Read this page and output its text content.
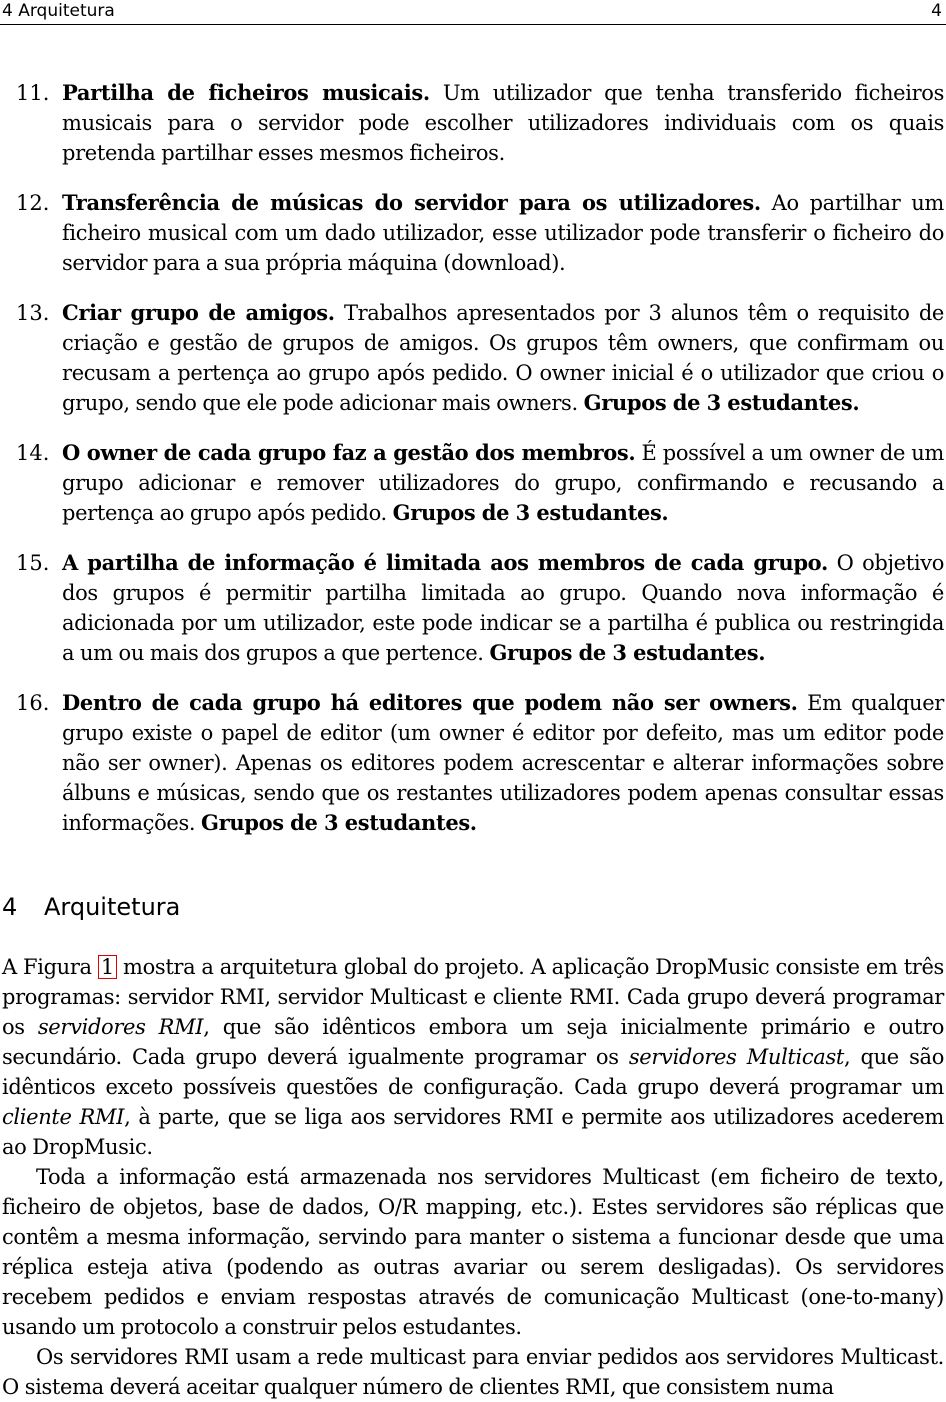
4 Arquitetura	4
11. Partilha de ficheiros musicais. Um utilizador que tenha transferido ficheiros musicais para o servidor pode escolher utilizadores individuais com os quais pretenda partilhar esses mesmos ficheiros.
12. Transferência de músicas do servidor para os utilizadores. Ao partilhar um ficheiro musical com um dado utilizador, esse utilizador pode transferir o ficheiro do servidor para a sua própria máquina (download).
13. Criar grupo de amigos. Trabalhos apresentados por 3 alunos têm o requisito de criação e gestão de grupos de amigos. Os grupos têm owners, que confirmam ou recusam a pertença ao grupo após pedido. O owner inicial é o utilizador que criou o grupo, sendo que ele pode adicionar mais owners. Grupos de 3 estudantes.
14. O owner de cada grupo faz a gestão dos membros. É possível a um owner de um grupo adicionar e remover utilizadores do grupo, confirmando e recusando a pertença ao grupo após pedido. Grupos de 3 estudantes.
15. A partilha de informação é limitada aos membros de cada grupo. O objetivo dos grupos é permitir partilha limitada ao grupo. Quando nova informação é adicionada por um utilizador, este pode indicar se a partilha é publica ou restringida a um ou mais dos grupos a que pertence. Grupos de 3 estudantes.
16. Dentro de cada grupo há editores que podem não ser owners. Em qualquer grupo existe o papel de editor (um owner é editor por defeito, mas um editor pode não ser owner). Apenas os editores podem acrescentar e alterar informações sobre álbuns e músicas, sendo que os restantes utilizadores podem apenas consultar essas informações. Grupos de 3 estudantes.
4 Arquitetura

A Figura 1 mostra a arquitetura global do projeto. A aplicação DropMusic consiste em três programas: servidor RMI, servidor Multicast e cliente RMI. Cada grupo deverá programar os servidores RMI, que são idênticos embora um seja inicialmente primário e outro secundário. Cada grupo deverá igualmente programar os servidores Multicast, que são idênticos exceto possíveis questões de configuração. Cada grupo deverá programar um cliente RMI, à parte, que se liga aos servidores RMI e permite aos utilizadores acederem ao DropMusic.

Toda a informação está armazenada nos servidores Multicast (em ficheiro de texto, ficheiro de objetos, base de dados, O/R mapping, etc.). Estes servidores são réplicas que contêm a mesma informação, servindo para manter o sistema a funcionar desde que uma réplica esteja ativa (podendo as outras avariar ou serem desligadas). Os servidores recebem pedidos e enviam respostas através de comunicação Multicast (one-to-many) usando um protocolo a construir pelos estudantes.

Os servidores RMI usam a rede multicast para enviar pedidos aos servidores Multicast. O sistema deverá aceitar qualquer número de clientes RMI, que consistem numa
